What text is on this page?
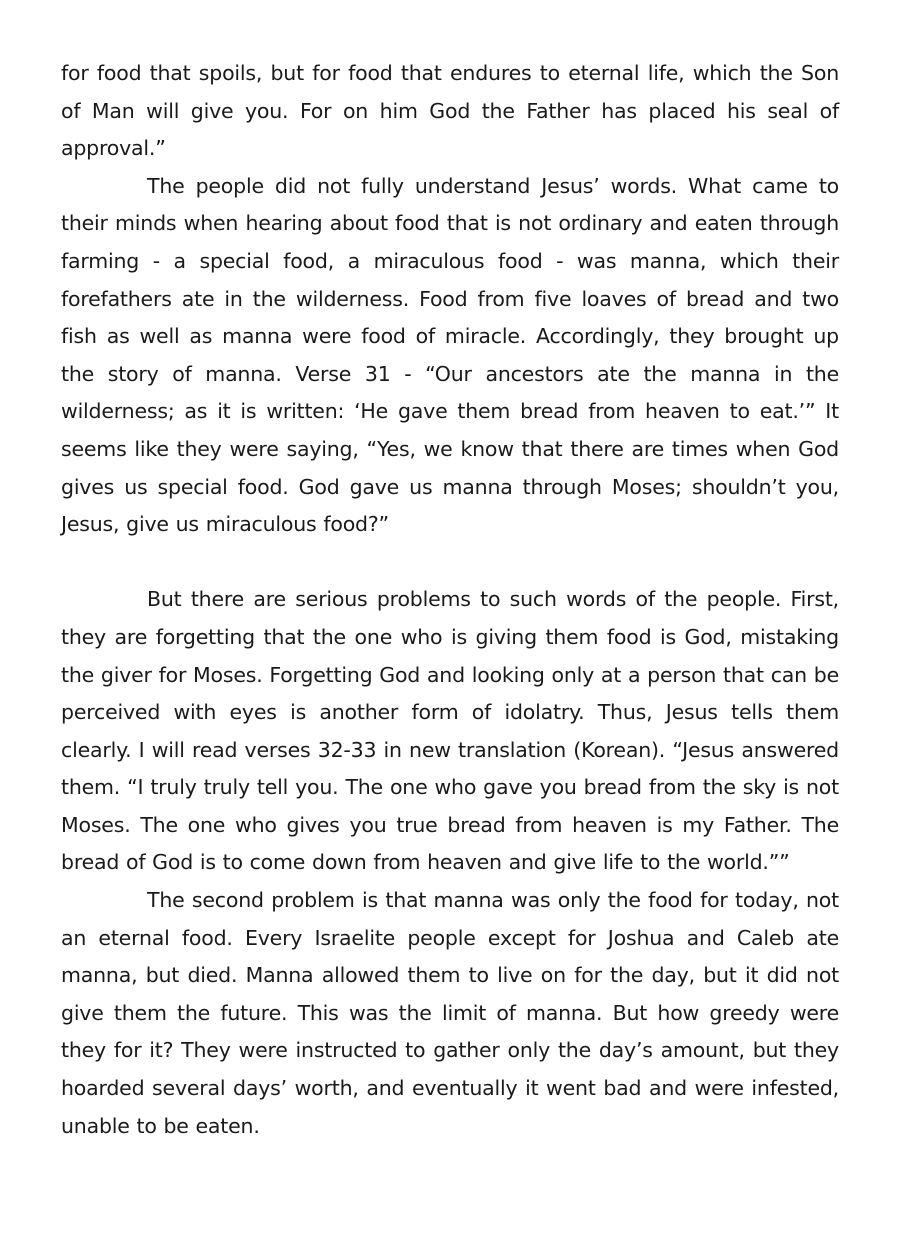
for food that spoils, but for food that endures to eternal life, which the Son of Man will give you. For on him God the Father has placed his seal of approval.”

The people did not fully understand Jesus’ words. What came to their minds when hearing about food that is not ordinary and eaten through farming - a special food, a miraculous food - was manna, which their forefathers ate in the wilderness. Food from five loaves of bread and two fish as well as manna were food of miracle. Accordingly, they brought up the story of manna. Verse 31 - “Our ancestors ate the manna in the wilderness; as it is written: ‘He gave them bread from heaven to eat.’” It seems like they were saying, “Yes, we know that there are times when God gives us special food. God gave us manna through Moses; shouldn’t you, Jesus, give us miraculous food?”

But there are serious problems to such words of the people. First, they are forgetting that the one who is giving them food is God, mistaking the giver for Moses. Forgetting God and looking only at a person that can be perceived with eyes is another form of idolatry. Thus, Jesus tells them clearly. I will read verses 32-33 in new translation (Korean). “Jesus answered them. “I truly truly tell you. The one who gave you bread from the sky is not Moses. The one who gives you true bread from heaven is my Father. The bread of God is to come down from heaven and give life to the world.””

The second problem is that manna was only the food for today, not an eternal food. Every Israelite people except for Joshua and Caleb ate manna, but died. Manna allowed them to live on for the day, but it did not give them the future. This was the limit of manna. But how greedy were they for it? They were instructed to gather only the day’s amount, but they hoarded several days’ worth, and eventually it went bad and were infested, unable to be eaten.
